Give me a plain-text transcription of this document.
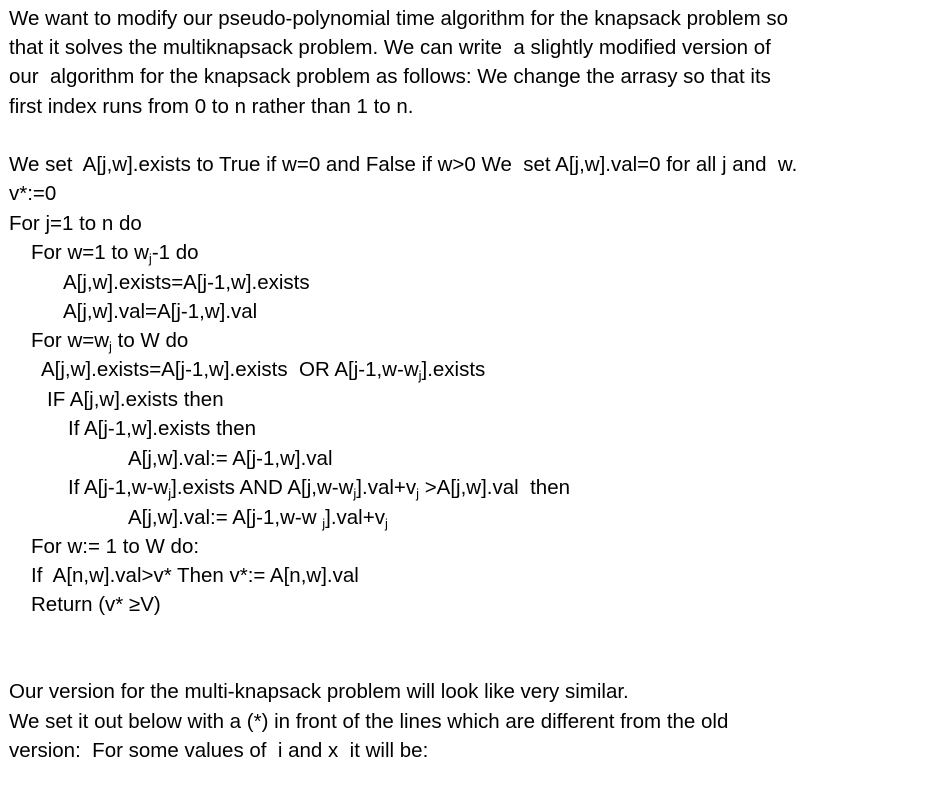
We want to modify our pseudo-polynomial time algorithm for the knapsack problem so
that it solves the multiknapsack problem. We can write  a slightly modified version of
our  algorithm for the knapsack problem as follows: We change the arrasy so that its
first index runs from 0 to n rather than 1 to n.
We set  A[j,w].exists to True if w=0 and False if w>0 We  set A[j,w].val=0 for all j and  w.
v*:=0
For j=1 to n do
For w=1 to $w_j-1$ do
A[j,w].exists=A[j-1,w].exists
A[j,w].val=A[j-1,w].val
For $w=w_j$ to W do
A[j,w].exists=A[j-1,w].exists  OR $A[j-1,w-w_j].exists$
IF A[j,w].exists then
If A[j-1,w].exists then
A[j,w].val:= A[j-1,w].val
If $A[j-1,w-w_j].exists$ AND $A[j,w-w_j].val+v_j >A[j,w].val$  then
A[j,w].val:= A[j-1,w-w $_j].val+v_j$
For w:= 1 to W do:
If  A[n,w].val>v* Then v*:= A[n,w].val
Return (v* ≥V)
Our version for the multi-knapsack problem will look like very similar.
We set it out below with a (*) in front of the lines which are different from the old
version:  For some values of  i and x  it will be:
